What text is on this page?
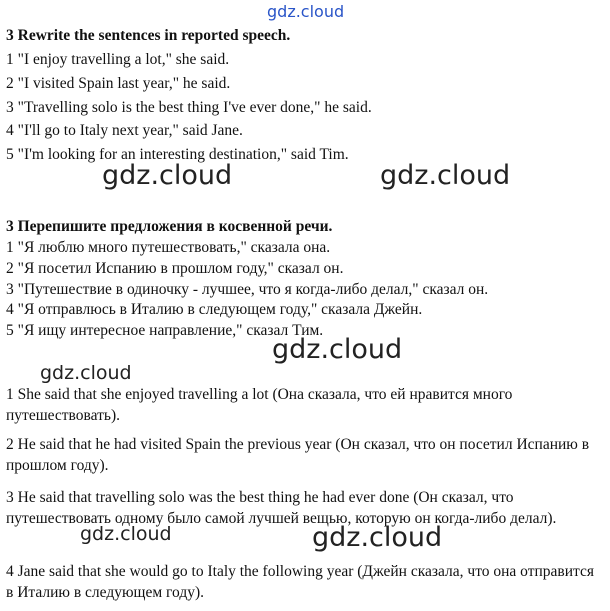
gdz.cloud
3 Rewrite the sentences in reported speech.
1 "I enjoy travelling a lot," she said.
2 "I visited Spain last year," he said.
3 "Travelling solo is the best thing I've ever done," he said.
4 "I'll go to Italy next year," said Jane.
5 "I'm looking for an interesting destination," said Tim.
gdz.cloud	gdz.cloud
3 Перепишите предложения в косвенной речи.
1 "Я люблю много путешествовать," сказала она.
2 "Я посетил Испанию в прошлом году," сказал он.
3 "Путешествие в одиночку - лучшее, что я когда-либо делал," сказал он.
4 "Я отправлюсь в Италию в следующем году," сказала Джейн.
5 "Я ищу интересное направление," сказал Тим.
gdz.cloud
gdz.cloud
1 She said that she enjoyed travelling a lot (Она сказала, что ей нравится много путешествовать).
2 He said that he had visited Spain the previous year (Он сказал, что он посетил Испанию в прошлом году).
3 He said that travelling solo was the best thing he had ever done (Он сказал, что путешествовать одному было самой лучшей вещью, которую он когда-либо делал).
4 Jane said that she would go to Italy the following year (Джейн сказала, что она отправится в Италию в следующем году).
gdz.cloud	gdz.cloud
